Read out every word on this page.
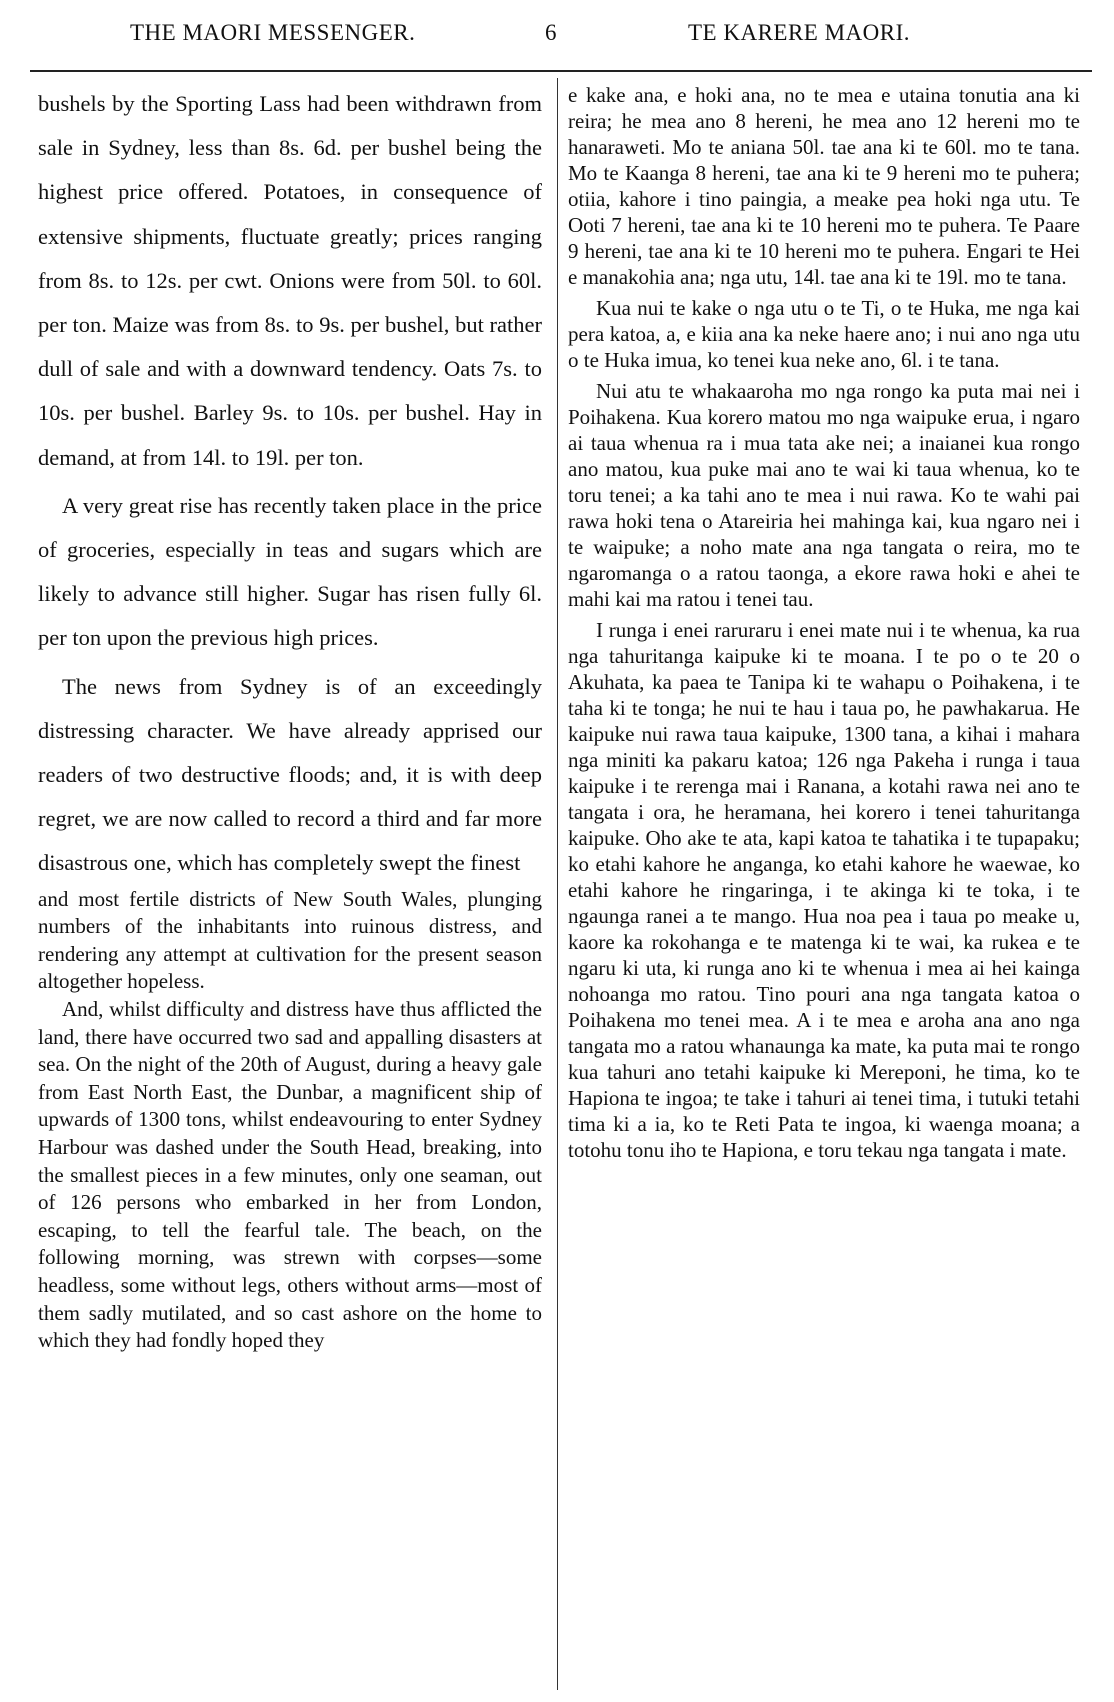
THE MAORI MESSENGER.	6	TE KARERE MAORI.

bushels by the Sporting Lass had been withdrawn from sale in Sydney, less than 8s. 6d. per bushel being the highest price offered. Potatoes, in consequence of extensive shipments, fluctuate greatly; prices ranging from 8s. to 12s. per cwt. Onions were from 50l. to 60l. per ton. Maize was from 8s. to 9s. per bushel, but rather dull of sale and with a downward tendency. Oats 7s. to 10s. per bushel. Barley 9s. to 10s. per bushel. Hay in demand, at from 14l. to 19l. per ton.

A very great rise has recently taken place in the price of groceries, especially in teas and sugars which are likely to advance still higher. Sugar has risen fully 6l. per ton upon the previous high prices.

The news from Sydney is of an exceedingly distressing character. We have already apprised our readers of two destructive floods; and, it is with deep regret, we are now called to record a third and far more disastrous one, which has completely swept the finest

and most fertile districts of New South Wales, plunging numbers of the inhabitants into ruinous distress, and rendering any attempt at cultivation for the present season altogether hopeless.

And, whilst difficulty and distress have thus afflicted the land, there have occurred two sad and appalling disasters at sea. On the night of the 20th of August, during a heavy gale from East North East, the Dunbar, a magnificent ship of upwards of 1300 tons, whilst endeavouring to enter Sydney Harbour was dashed under the South Head, breaking, into the smallest pieces in a few minutes, only one seaman, out of 126 persons who embarked in her from London, escaping, to tell the fearful tale. The beach, on the following morning, was strewn with corpses—some headless, some without legs, others without arms—most of them sadly mutilated, and so cast ashore on the home to which they had fondly hoped they

e kake ana, e hoki ana, no te mea e utaina tonutia ana ki reira; he mea ano 8 hereni, he mea ano 12 hereni mo te hanaraweti. Mo te aniana 50l. tae ana ki te 60l. mo te tana. Mo te Kaanga 8 hereni, tae ana ki te 9 hereni mo te puhera; otiia, kahore i tino paingia, a meake pea hoki nga utu. Te Ooti 7 hereni, tae ana ki te 10 hereni mo te puhera. Te Paare 9 hereni, tae ana ki te 10 hereni mo te puhera. Engari te Hei e manakohia ana; nga utu, 14l. tae ana ki te 19l. mo te tana.

Kua nui te kake o nga utu o te Ti, o te Huka, me nga kai pera katoa, a, e kiia ana ka neke haere ano; i nui ano nga utu o te Huka imua, ko tenei kua neke ano, 6l. i te tana.

Nui atu te whakaaroha mo nga rongo ka puta mai nei i Poihakena. Kua korero matou mo nga waipuke erua, i ngaro ai taua whenua ra i mua tata ake nei; a inaianei kua rongo ano matou, kua puke mai ano te wai ki taua whenua, ko te toru tenei; a ka tahi ano te mea i nui rawa. Ko te wahi pai rawa hoki tena o Atareiria hei mahinga kai, kua ngaro nei i te waipuke; a noho mate ana nga tangata o reira, mo te ngaromanga o a ratou taonga, a ekore rawa hoki e ahei te mahi kai ma ratou i tenei tau.

I runga i enei raruraru i enei mate nui i te whenua, ka rua nga tahuritanga kaipuke ki te moana. I te po o te 20 o Akuhata, ka paea te Tanipa ki te wahapu o Poihakena, i te taha ki te tonga; he nui te hau i taua po, he pawhakarua. He kaipuke nui rawa taua kaipuke, 1300 tana, a kihai i mahara nga miniti ka pakaru katoa; 126 nga Pakeha i runga i taua kaipuke i te rerenga mai i Ranana, a kotahi rawa nei ano te tangata i ora, he heramana, hei korero i tenei tahuritanga kaipuke. Oho ake te ata, kapi katoa te tahatika i te tupapaku; ko etahi kahore he anganga, ko etahi kahore he waewae, ko etahi kahore he ringaringa, i te akinga ki te toka, i te ngaunga ranei a te mango. Hua noa pea i taua po meake u, kaore ka rokohanga e te matenga ki te wai, ka rukea e te ngaru ki uta, ki runga ano ki te whenua i mea ai hei kainga nohoanga mo ratou. Tino pouri ana nga tangata katoa o Poihakena mo tenei mea. A i te mea e aroha ana ano nga tangata mo a ratou whanaunga ka mate, ka puta mai te rongo kua tahuri ano tetahi kaipuke ki Mereponi, he tima, ko te Hapiona te ingoa; te take i tahuri ai tenei tima, i tutuki tetahi tima ki a ia, ko te Reti Pata te ingoa, ki waenga moana; a totohu tonu iho te Hapiona, e toru tekau nga tangata i mate.
